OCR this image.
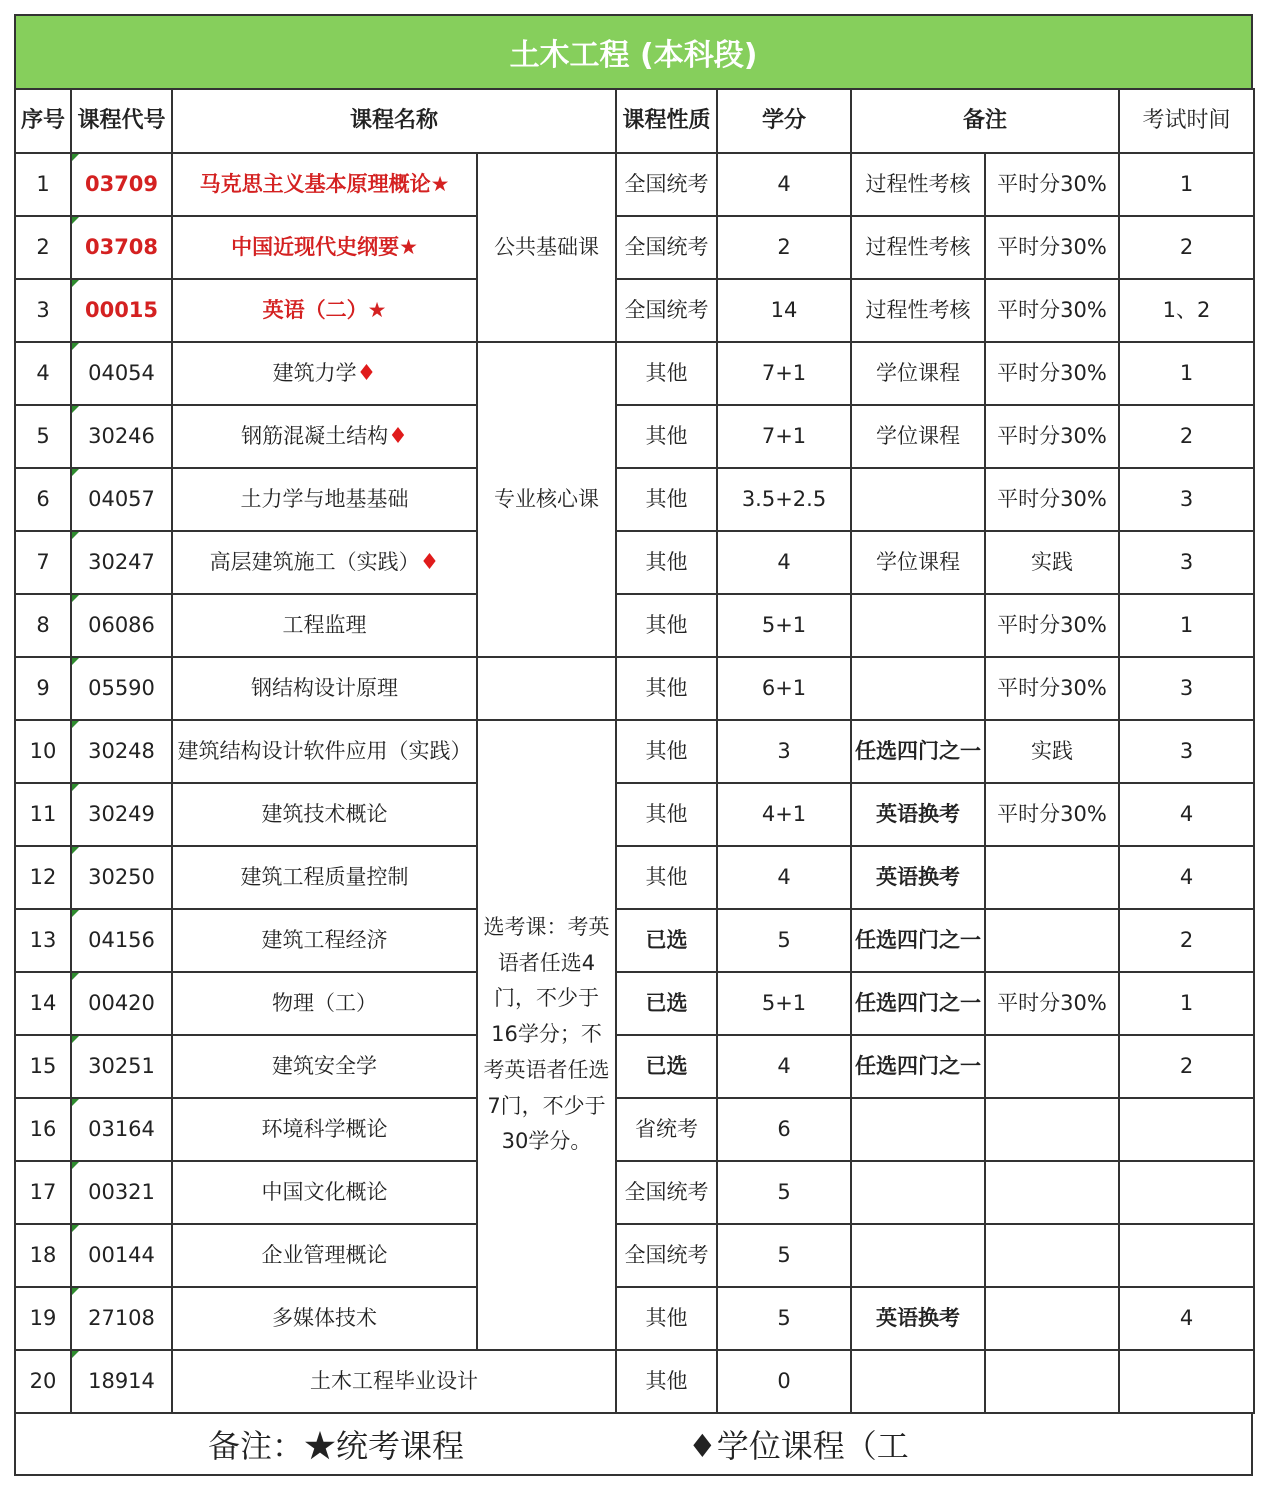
土木工程 (本科段)
序号	课程代号	课程名称		课程性质	学分	备注		考试时间
1	03709	马克思主义基本原理概论★	公共基础课	全国统考	4	过程性考核	平时分30%	1
2	03708	中国近现代史纲要★		全国统考	2	过程性考核	平时分30%	2
3	00015	英语（二）★		全国统考	14	过程性考核	平时分30%	1、2
4	04054	建筑力学♦	专业核心课	其他	7+1	学位课程	平时分30%	1
5	30246	钢筋混凝土结构♦		其他	7+1	学位课程	平时分30%	2
6	04057	土力学与地基基础		其他	3.5+2.5		平时分30%	3
7	30247	高层建筑施工（实践）♦		其他	4	学位课程	实践	3
8	06086	工程监理		其他	5+1		平时分30%	1
9	05590	钢结构设计原理		其他	6+1		平时分30%	3
10	30248	建筑结构设计软件应用（实践）	选考课：考英语者任选4门，不少于16学分；不考英语者任选7门，不少于30学分。	其他	3	任选四门之一	实践	3
11	30249	建筑技术概论		其他	4+1	英语换考	平时分30%	4
12	30250	建筑工程质量控制		其他	4	英语换考		4
13	04156	建筑工程经济		已选	5	任选四门之一		2
14	00420	物理（工）		已选	5+1	任选四门之一	平时分30%	1
15	30251	建筑安全学		已选	4	任选四门之一		2
16	03164	环境科学概论		省统考	6			
17	00321	中国文化概论		全国统考	5			
18	00144	企业管理概论		全国统考	5			
19	27108	多媒体技术		其他	5	英语换考		4
20	18914	土木工程毕业设计		其他	0			
备注：★统考课程	♦学位课程（工
